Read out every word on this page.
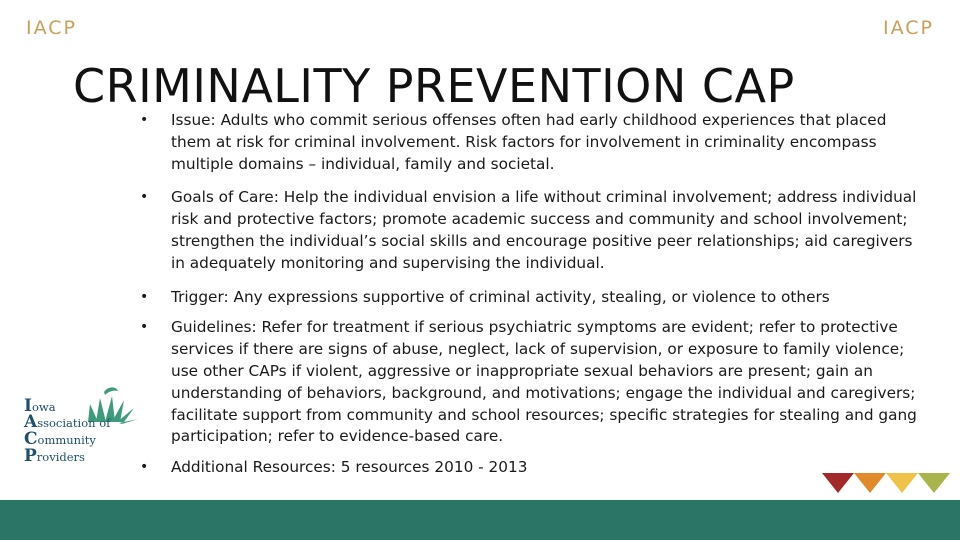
IACP	IACP
CRIMINALITY PREVENTION CAP
• Issue: Adults who commit serious offenses often had early childhood experiences that placed them at risk for criminal involvement. Risk factors for involvement in criminality encompass multiple domains – individual, family and societal.
• Goals of Care: Help the individual envision a life without criminal involvement; address individual risk and protective factors; promote academic success and community and school involvement; strengthen the individual’s social skills and encourage positive peer relationships; aid caregivers in adequately monitoring and supervising the individual.
• Trigger: Any expressions supportive of criminal activity, stealing, or violence to others
• Guidelines: Refer for treatment if serious psychiatric symptoms are evident; refer to protective services if there are signs of abuse, neglect, lack of supervision, or exposure to family violence; use other CAPs if violent, aggressive or inappropriate sexual behaviors are present; gain an understanding of behaviors, background, and motivations; engage the individual and caregivers; facilitate support from community and school resources; specific strategies for stealing and gang participation; refer to evidence-based care.
• Additional Resources: 5 resources 2010 - 2013
Iowa
Association of
Community
Providers
